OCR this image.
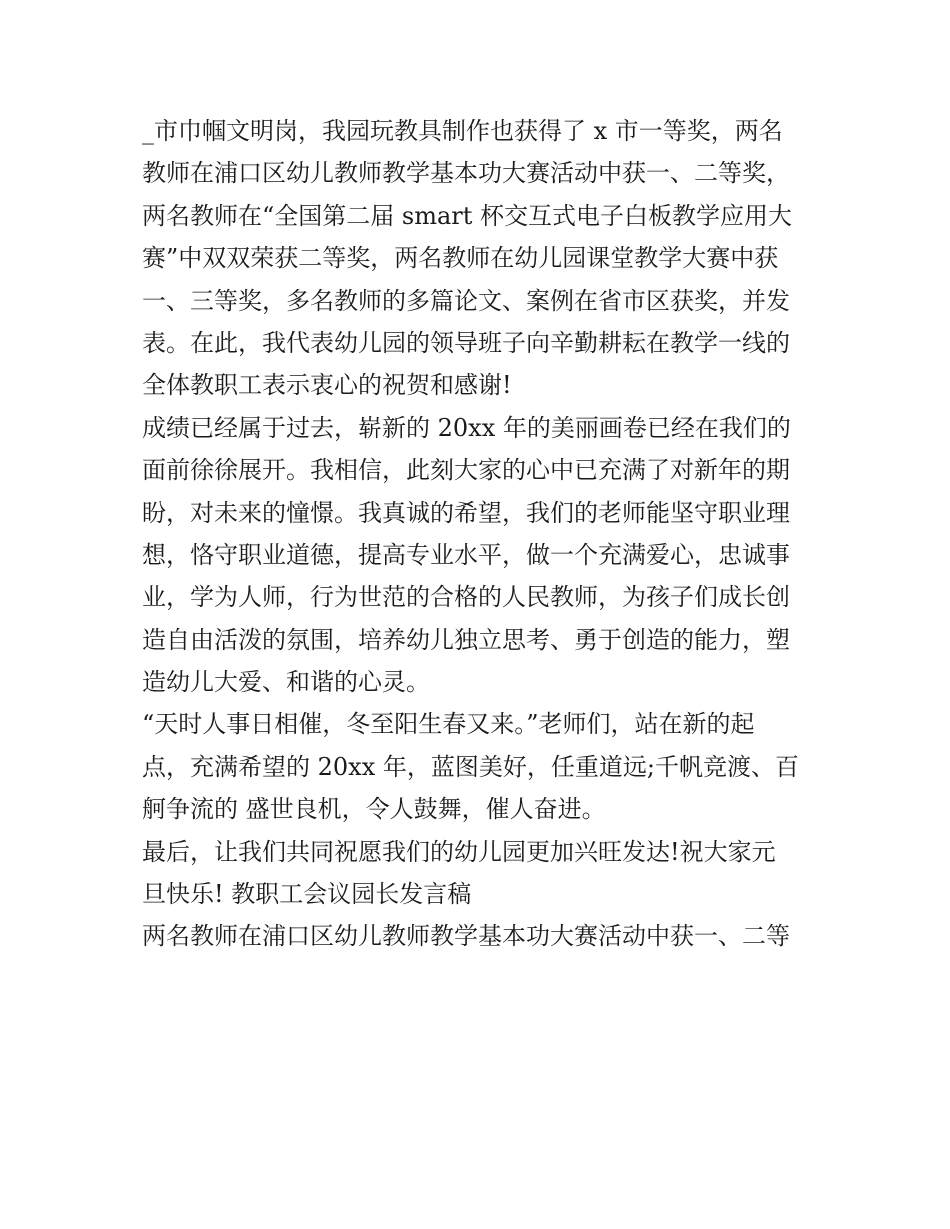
_市巾帼文明岗，我园玩教具制作也获得了 x 市一等奖，两名
教师在浦口区幼儿教师教学基本功大赛活动中获一、二等奖，
两名教师在“全国第二届 smart 杯交互式电子白板教学应用大
赛”中双双荣获二等奖，两名教师在幼儿园课堂教学大赛中获
一、三等奖，多名教师的多篇论文、案例在省市区获奖，并发
表。在此，我代表幼儿园的领导班子向辛勤耕耘在教学一线的
全体教职工表示衷心的祝贺和感谢!
成绩已经属于过去，崭新的 20xx 年的美丽画卷已经在我们的
面前徐徐展开。我相信，此刻大家的心中已充满了对新年的期
盼，对未来的憧憬。我真诚的希望，我们的老师能坚守职业理
想，恪守职业道德，提高专业水平，做一个充满爱心，忠诚事
业，学为人师，行为世范的合格的人民教师，为孩子们成长创
造自由活泼的氛围，培养幼儿独立思考、勇于创造的能力，塑
造幼儿大爱、和谐的心灵。
“天时人事日相催，冬至阳生春又来。”老师们，站在新的起
点，充满希望的 20xx 年，蓝图美好，任重道远;千帆竞渡、百
舸争流的 盛世良机，令人鼓舞，催人奋进。
最后，让我们共同祝愿我们的幼儿园更加兴旺发达!祝大家元
旦快乐! 教职工会议园长发言稿
两名教师在浦口区幼儿教师教学基本功大赛活动中获一、二等
